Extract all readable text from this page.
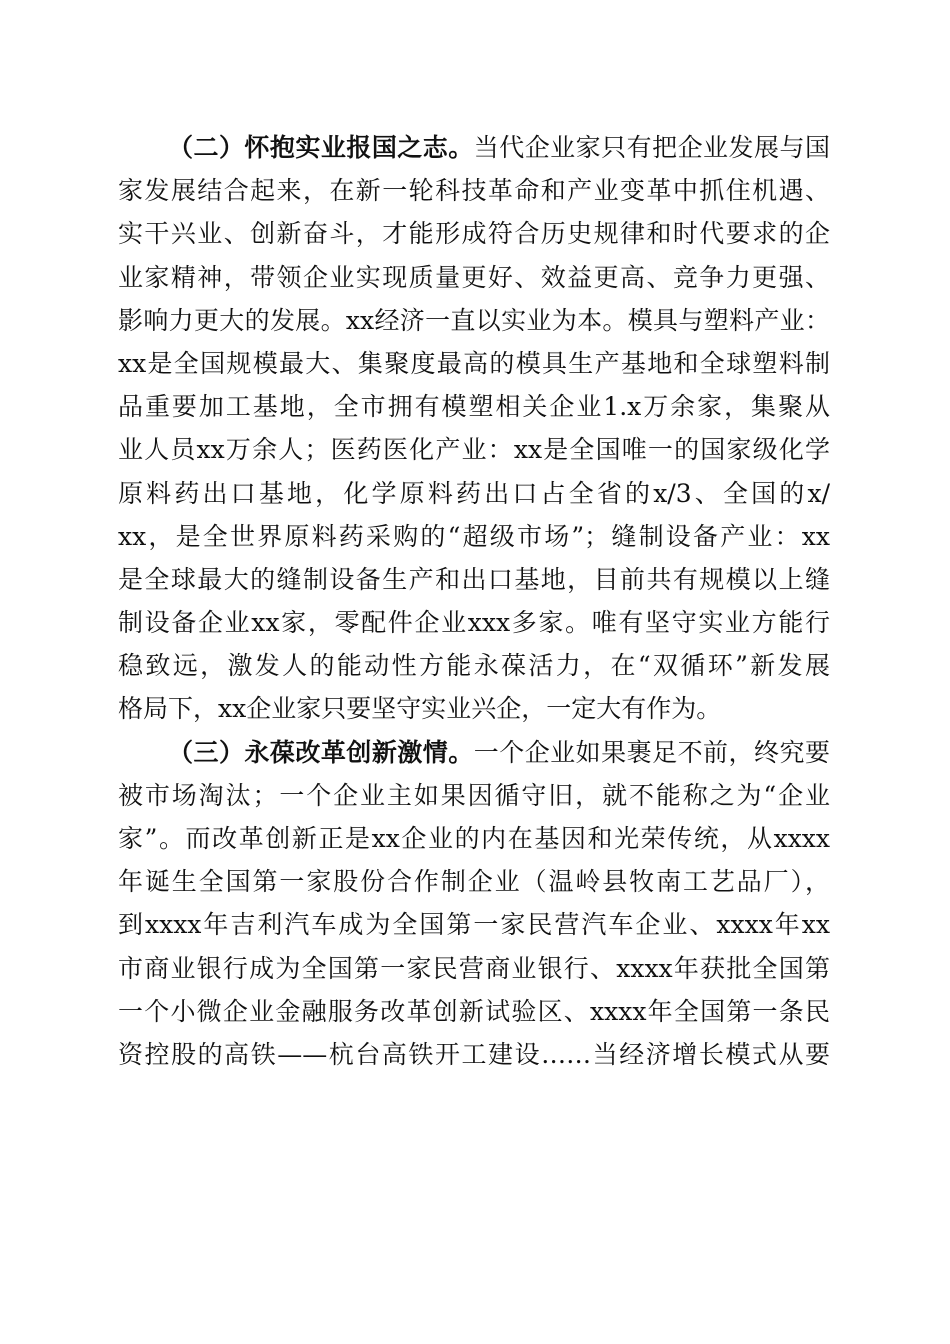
（二）怀抱实业报国之志。当代企业家只有把企业发展与国
家发展结合起来，在新一轮科技革命和产业变革中抓住机遇、
实干兴业、创新奋斗，才能形成符合历史规律和时代要求的企
业家精神，带领企业实现质量更好、效益更高、竞争力更强、
影响力更大的发展。xx经济一直以实业为本。模具与塑料产业：
xx是全国规模最大、集聚度最高的模具生产基地和全球塑料制
品重要加工基地，全市拥有模塑相关企业1.x万余家，集聚从
业人员xx万余人；医药医化产业：xx是全国唯一的国家级化学
原料药出口基地，化学原料药出口占全省的x/3、全国的x/
xx，是全世界原料药采购的“超级市场”；缝制设备产业：xx
是全球最大的缝制设备生产和出口基地，目前共有规模以上缝
制设备企业xx家，零配件企业xxx多家。唯有坚守实业方能行
稳致远，激发人的能动性方能永葆活力，在“双循环”新发展
格局下，xx企业家只要坚守实业兴企，一定大有作为。
（三）永葆改革创新激情。一个企业如果裹足不前，终究要
被市场淘汰；一个企业主如果因循守旧，就不能称之为“企业
家”。而改革创新正是xx企业的内在基因和光荣传统，从xxxx
年诞生全国第一家股份合作制企业（温岭县牧南工艺品厂），
到xxxx年吉利汽车成为全国第一家民营汽车企业、xxxx年xx
市商业银行成为全国第一家民营商业银行、xxxx年获批全国第
一个小微企业金融服务改革创新试验区、xxxx年全国第一条民
资控股的高铁——杭台高铁开工建设……当经济增长模式从要
